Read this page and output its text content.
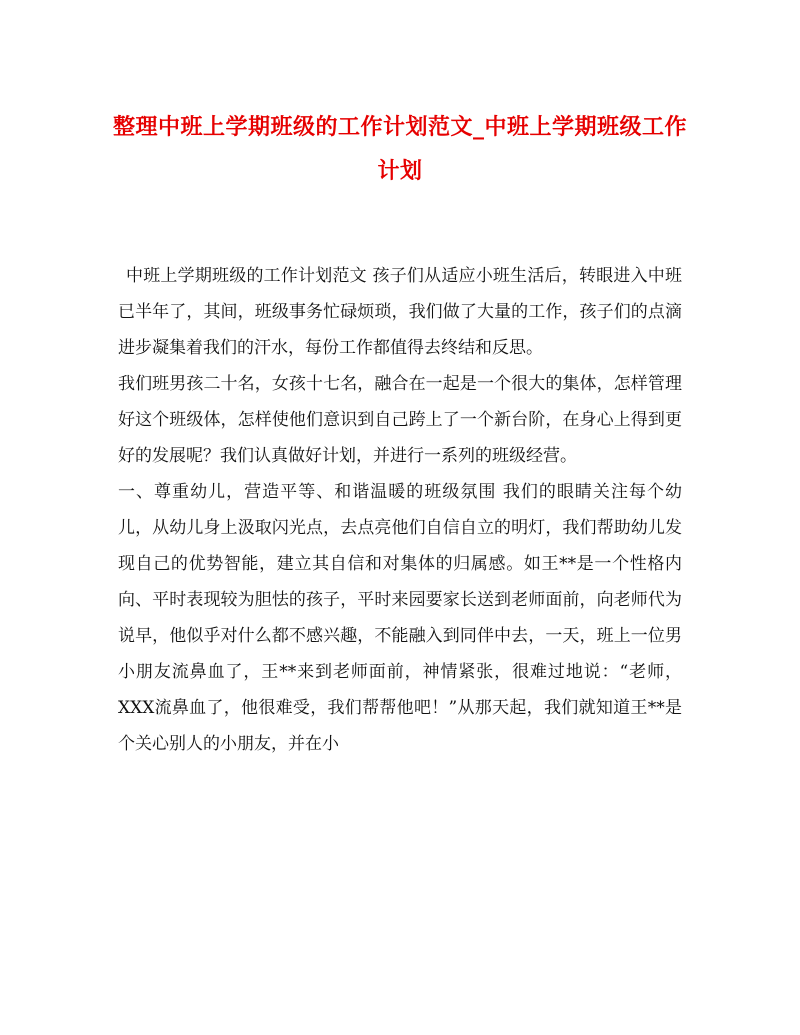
整理中班上学期班级的工作计划范文_中班上学期班级工作计划

中班上学期班级的工作计划范文 孩子们从适应小班生活后，转眼进入中班已半年了，其间，班级事务忙碌烦琐，我们做了大量的工作，孩子们的点滴进步凝集着我们的汗水，每份工作都值得去终结和反思。

我们班男孩二十名，女孩十七名，融合在一起是一个很大的集体，怎样管理好这个班级体，怎样使他们意识到自己跨上了一个新台阶，在身心上得到更好的发展呢？我们认真做好计划，并进行一系列的班级经营。

一、尊重幼儿，营造平等、和谐温暖的班级氛围 我们的眼睛关注每个幼儿，从幼儿身上汲取闪光点，去点亮他们自信自立的明灯，我们帮助幼儿发现自己的优势智能，建立其自信和对集体的归属感。如王**是一个性格内向、平时表现较为胆怯的孩子，平时来园要家长送到老师面前，向老师代为说早，他似乎对什么都不感兴趣，不能融入到同伴中去，一天，班上一位男小朋友流鼻血了，王**来到老师面前，神情紧张，很难过地说：“老师，XXX流鼻血了，他很难受，我们帮帮他吧！”从那天起，我们就知道王**是个关心别人的小朋友，并在小
